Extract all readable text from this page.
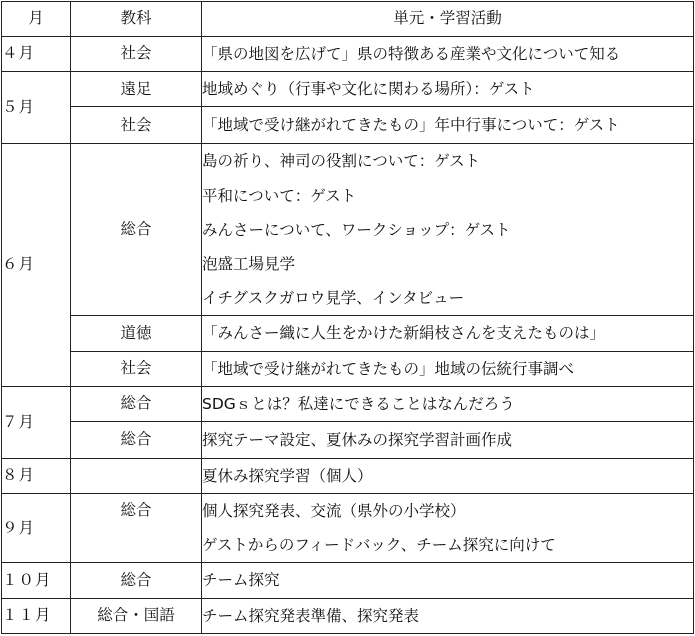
月	教科	単元・学習活動
４月	社会	「県の地図を広げて」県の特徴ある産業や文化について知る

５月	遠足	地域めぐり（行事や文化に関わる場所）：ゲスト

	社会	「地域で受け継がれてきたもの」年中行事について：ゲスト

６月	総合	島の祈り、神司の役割について：ゲスト
平和について：ゲスト
みんさーについて、ワークショップ：ゲスト
泡盛工場見学
イチグスクガロウ見学、インタビュー

	道徳	「みんさー織に人生をかけた新絹枝さんを支えたものは」

	社会	「地域で受け継がれてきたもの」地域の伝統行事調べ

７月	総合	SDGｓとは？私達にできることはなんだろう

	総合	探究テーマ設定、夏休みの探究学習計画作成

８月		夏休み探究学習（個人）

９月	総合	個人探究発表、交流（県外の小学校）
ゲストからのフィードバック、チーム探究に向けて

１０月	総合	チーム探究

１１月	総合・国語	チーム探究発表準備、探究発表
